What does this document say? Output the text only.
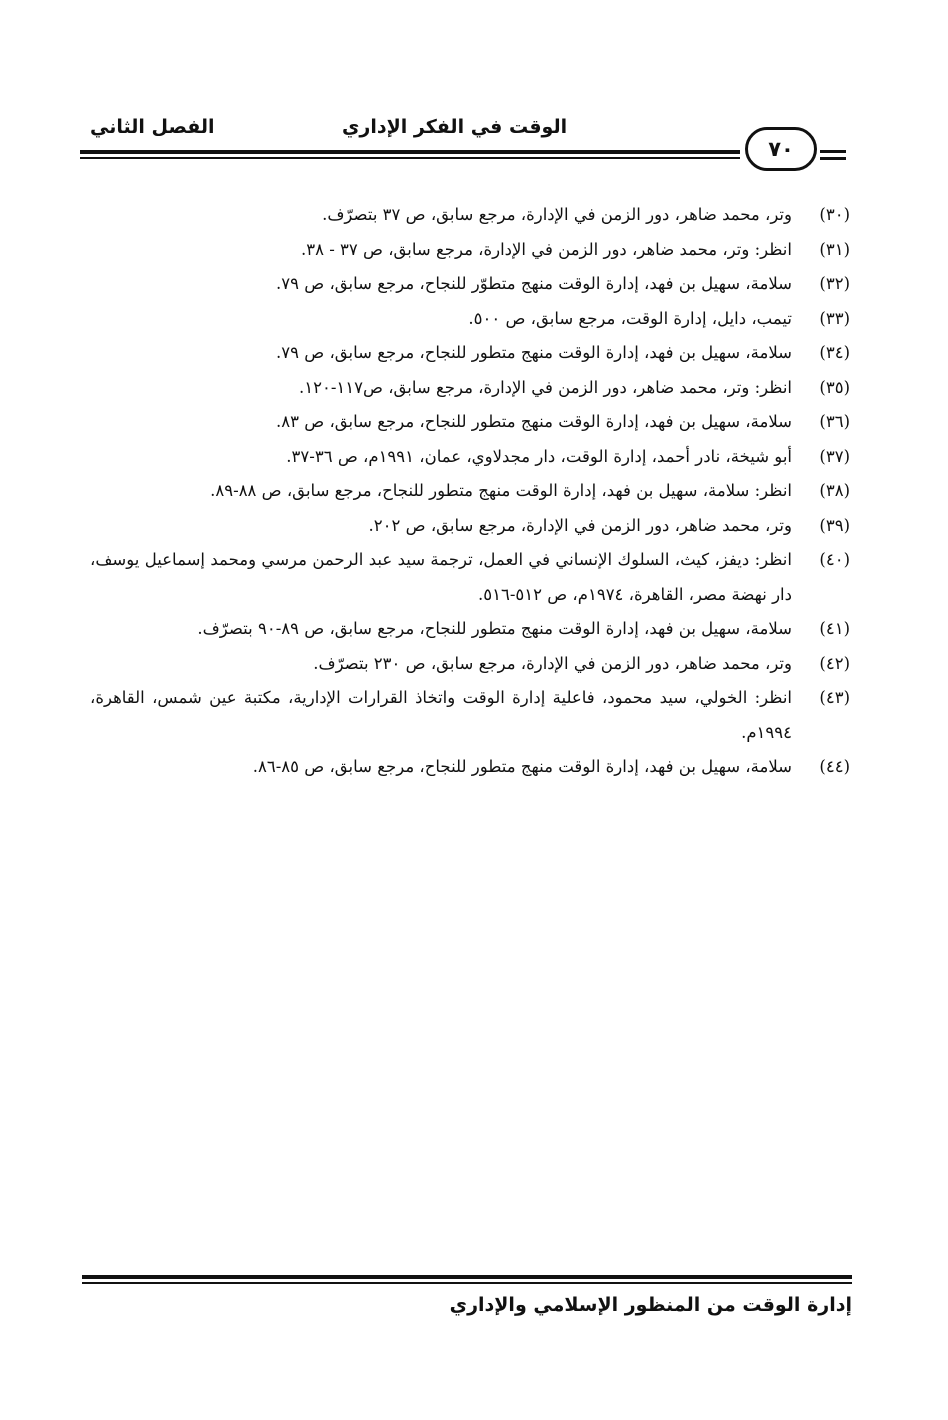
الفصل الثاني	الوقت في الفكر الإداري
٧٠
(٣٠)
وتر، محمد ضاهر، دور الزمن في الإدارة، مرجع سابق، ص ٣٧ بتصرّف.
(٣١)
انظر: وتر، محمد ضاهر، دور الزمن في الإدارة، مرجع سابق، ص ٣٧ - ٣٨.
(٣٢)
سلامة، سهيل بن فهد، إدارة الوقت منهج متطوّر للنجاح، مرجع سابق، ص ٧٩.
(٣٣)
تيمب، دايل، إدارة الوقت، مرجع سابق، ص ٥٠٠.
(٣٤)
سلامة، سهيل بن فهد، إدارة الوقت منهج متطور للنجاح، مرجع سابق، ص ٧٩.
(٣٥)
انظر: وتر، محمد ضاهر، دور الزمن في الإدارة، مرجع سابق، ص١١٧-١٢٠.
(٣٦)
سلامة، سهيل بن فهد، إدارة الوقت منهج متطور للنجاح، مرجع سابق، ص ٨٣.
(٣٧)
أبو شيخة، نادر أحمد، إدارة الوقت، دار مجدلاوي، عمان، ١٩٩١م، ص ٣٦-٣٧.
(٣٨)
انظر: سلامة، سهيل بن فهد، إدارة الوقت منهج متطور للنجاح، مرجع سابق، ص ٨٨-٨٩.
(٣٩)
وتر، محمد ضاهر، دور الزمن في الإدارة، مرجع سابق، ص ٢٠٢.
(٤٠)
انظر: ديفز، كيث، السلوك الإنساني في العمل، ترجمة سيد عبد الرحمن مرسي ومحمد إسماعيل يوسف، دار نهضة مصر، القاهرة، ١٩٧٤م، ص ٥١٢-٥١٦.
(٤١)
سلامة، سهيل بن فهد، إدارة الوقت منهج متطور للنجاح، مرجع سابق، ص ٨٩-٩٠ بتصرّف.
(٤٢)
وتر، محمد ضاهر، دور الزمن في الإدارة، مرجع سابق، ص ٢٣٠ بتصرّف.
(٤٣)
انظر: الخولي، سيد محمود، فاعلية إدارة الوقت واتخاذ القرارات الإدارية، مكتبة عين شمس، القاهرة، ١٩٩٤م.
(٤٤)
سلامة، سهيل بن فهد، إدارة الوقت منهج متطور للنجاح، مرجع سابق، ص ٨٥-٨٦.
إدارة الوقت من المنظور الإسلامي والإداري
